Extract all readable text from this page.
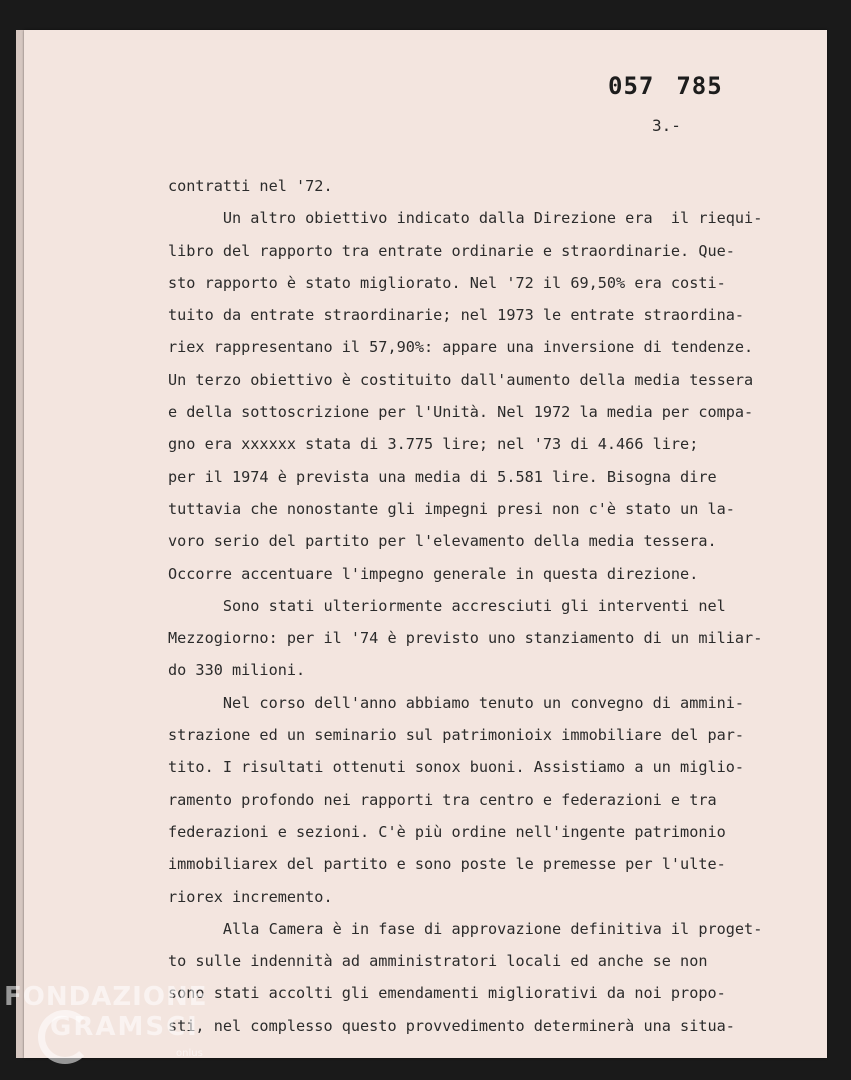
057 785
3.-
contratti nel '72.
Un altro obiettivo indicato dalla Direzione era  il riequi-
libro del rapporto tra entrate ordinarie e straordinarie. Que-
sto rapporto è stato migliorato. Nel '72 il 69,50% era costi-
tuito da entrate straordinarie; nel 1973 le entrate straordina-
riex rappresentano il 57,90%: appare una inversione di tendenze.
Un terzo obiettivo è costituito dall'aumento della media tessera
e della sottoscrizione per l'Unità. Nel 1972 la media per compa-
gno era xxxxxx stata di 3.775 lire; nel '73 di 4.466 lire;
per il 1974 è prevista una media di 5.581 lire. Bisogna dire
tuttavia che nonostante gli impegni presi non c'è stato un la-
voro serio del partito per l'elevamento della media tessera.
Occorre accentuare l'impegno generale in questa direzione.
Sono stati ulteriormente accresciuti gli interventi nel
Mezzogiorno: per il '74 è previsto uno stanziamento di un miliar-
do 330 milioni.
Nel corso dell'anno abbiamo tenuto un convegno di ammini-
strazione ed un seminario sul patrimonioix immobiliare del par-
tito. I risultati ottenuti sonox buoni. Assistiamo a un miglio-
ramento profondo nei rapporti tra centro e federazioni e tra
federazioni e sezioni. C'è più ordine nell'ingente patrimonio
immobiliarex del partito e sono poste le premesse per l'ulte-
riorex incremento.
Alla Camera è in fase di approvazione definitiva il proget-
to sulle indennità ad amministratori locali ed anche se non
sono stati accolti gli emendamenti migliorativi da noi propo-
sti, nel complesso questo provvedimento determinerà una situa-
FONDAZIONE
GRAMSCI
onlus
